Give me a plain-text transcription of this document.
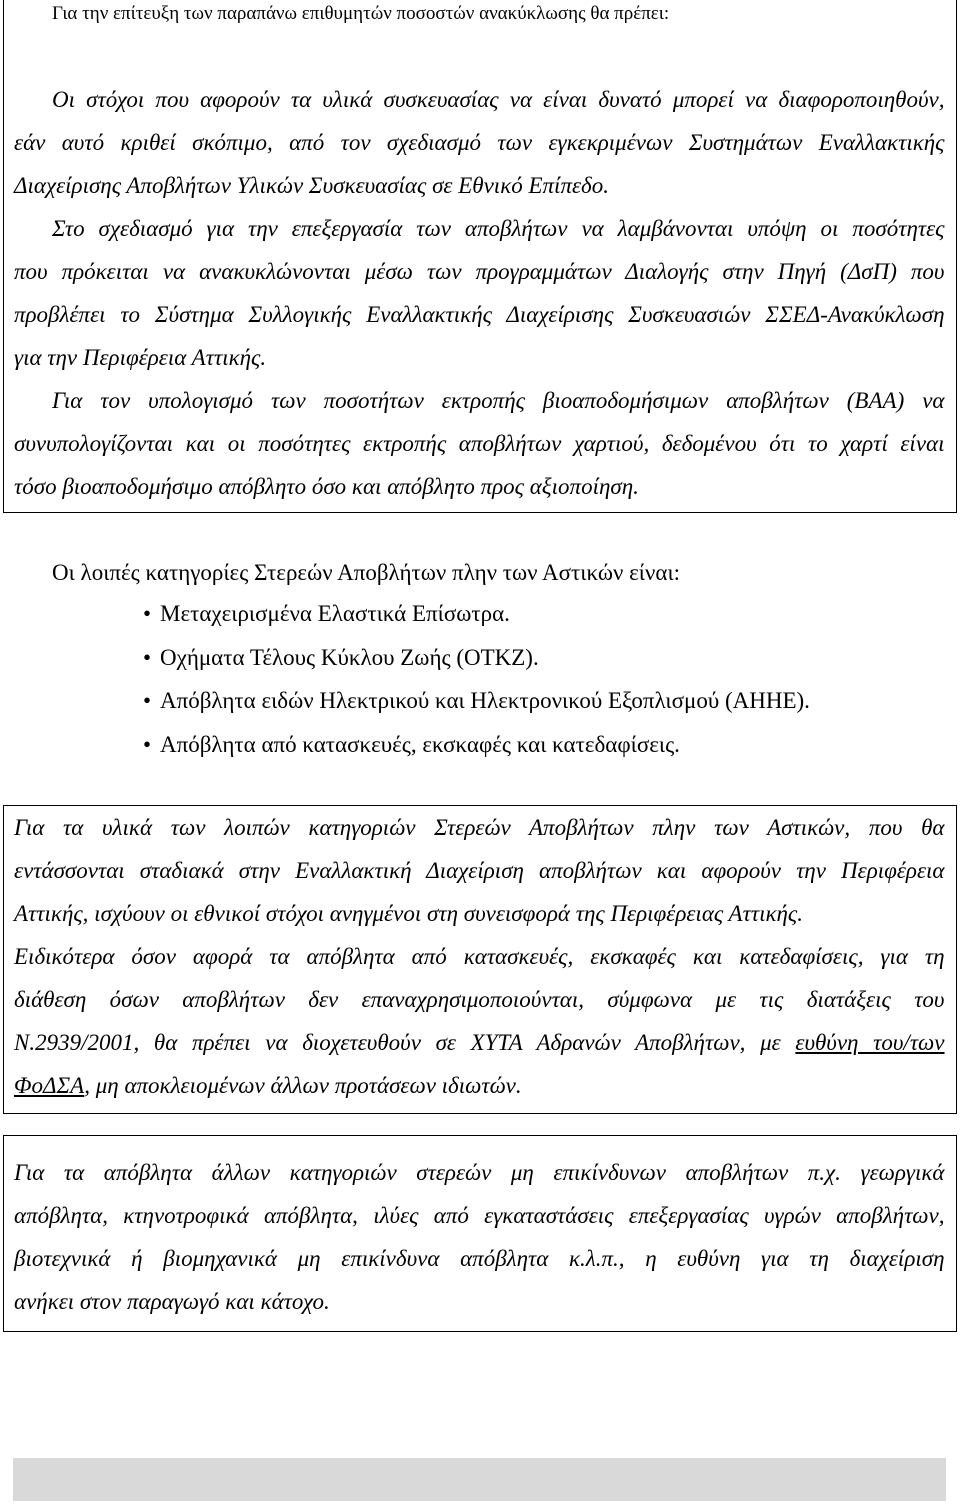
Για την επίτευξη των παραπάνω επιθυμητών ποσοστών ανακύκλωσης θα πρέπει:
Οι στόχοι που αφορούν τα υλικά συσκευασίας να είναι δυνατό μπορεί να διαφοροποιηθούν,
εάν αυτό κριθεί σκόπιμο, από τον σχεδιασμό των εγκεκριμένων Συστημάτων Εναλλακτικής
Διαχείρισης Αποβλήτων Υλικών Συσκευασίας σε Εθνικό Επίπεδο.
Στο σχεδιασμό για την επεξεργασία των αποβλήτων να λαμβάνονται υπόψη οι ποσότητες
που πρόκειται να ανακυκλώνονται μέσω των προγραμμάτων Διαλογής στην Πηγή (ΔσΠ) που
προβλέπει το Σύστημα Συλλογικής Εναλλακτικής Διαχείρισης Συσκευασιών ΣΣΕΔ-Ανακύκλωση
για την Περιφέρεια Αττικής.
Για τον υπολογισμό των ποσοτήτων εκτροπής βιοαποδομήσιμων αποβλήτων (ΒΑΑ) να
συνυπολογίζονται και οι ποσότητες εκτροπής αποβλήτων χαρτιού, δεδομένου ότι το χαρτί είναι
τόσο βιοαποδομήσιμο απόβλητο όσο και απόβλητο προς αξιοποίηση.
Οι λοιπές κατηγορίες Στερεών Αποβλήτων πλην των Αστικών είναι:
•
Μεταχειρισμένα Ελαστικά Επίσωτρα.
•
Οχήματα Τέλους Κύκλου Ζωής (ΟΤΚΖ).
•
Απόβλητα ειδών Ηλεκτρικού και Ηλεκτρονικού Εξοπλισμού (ΑΗΗΕ).
•
Απόβλητα από κατασκευές, εκσκαφές και κατεδαφίσεις.
Για τα υλικά των λοιπών κατηγοριών Στερεών Αποβλήτων πλην των Αστικών, που θα
εντάσσονται σταδιακά στην Εναλλακτική Διαχείριση αποβλήτων και αφορούν την Περιφέρεια
Αττικής, ισχύουν οι εθνικοί στόχοι ανηγμένοι στη συνεισφορά της Περιφέρειας Αττικής.
Ειδικότερα όσον αφορά τα απόβλητα από κατασκευές, εκσκαφές και κατεδαφίσεις, για τη
διάθεση όσων αποβλήτων δεν επαναχρησιμοποιούνται, σύμφωνα με τις διατάξεις του
Ν.2939/2001, θα πρέπει να διοχετευθούν σε ΧΥΤΑ Αδρανών Αποβλήτων, με ευθύνη του/των
ΦοΔΣΑ, μη αποκλειομένων άλλων προτάσεων ιδιωτών.
Για τα απόβλητα άλλων κατηγοριών στερεών μη επικίνδυνων αποβλήτων π.χ. γεωργικά
απόβλητα, κτηνοτροφικά απόβλητα, ιλύες από εγκαταστάσεις επεξεργασίας υγρών αποβλήτων,
βιοτεχνικά ή βιομηχανικά μη επικίνδυνα απόβλητα κ.λ.π., η ευθύνη για τη διαχείριση
ανήκει στον παραγωγό και κάτοχο.
